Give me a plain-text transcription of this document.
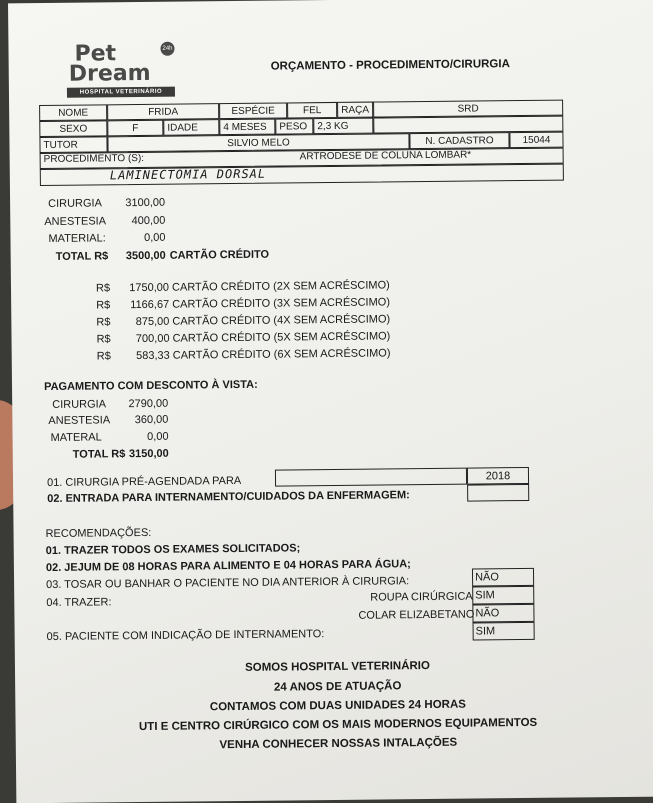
Pet
Dream
24h
HOSPITAL VETERINÁRIO
ORÇAMENTO - PROCEDIMENTO/CIRURGIA
NOME	FRIDA	ESPÉCIE	FEL	RAÇA	SRD
SEXO	F	IDADE	4 MESES	PESO	2,3 KG
TUTOR	SILVIO MELO	N. CADASTRO	15044
PROCEDIMENTO (S):	ARTRODESE DE COLUNA LOMBAR*
LAMINECTOMIA DORSAL
CIRURGIA	3100,00
ANESTESIA	400,00
MATERIAL:	0,00
TOTAL R$	3500,00 CARTÃO CRÉDITO
R$	1750,00 CARTÃO CRÉDITO (2X SEM ACRÉSCIMO)
R$	1166,67 CARTÃO CRÉDITO (3X SEM ACRÉSCIMO)
R$	875,00 CARTÃO CRÉDITO (4X SEM ACRÉSCIMO)
R$	700,00 CARTÃO CRÉDITO (5X SEM ACRÉSCIMO)
R$	583,33 CARTÃO CRÉDITO (6X SEM ACRÉSCIMO)
PAGAMENTO COM DESCONTO À VISTA:
CIRURGIA	2790,00
ANESTESIA	360,00
MATERAL	0,00
TOTAL R$ 3150,00
01. CIRURGIA PRÉ-AGENDADA PARA	2018
02. ENTRADA PARA INTERNAMENTO/CUIDADOS DA ENFERMAGEM:
RECOMENDAÇÕES:
01. TRAZER TODOS OS EXAMES SOLICITADOS;
02. JEJUM DE 08 HORAS PARA ALIMENTO E 04 HORAS PARA ÁGUA;
03. TOSAR OU BANHAR O PACIENTE NO DIA ANTERIOR À CIRURGIA:	NÃO
04. TRAZER:	ROUPA CIRÚRGICA SIM
COLAR ELIZABETANO NÃO
05. PACIENTE COM INDICAÇÃO DE INTERNAMENTO:	SIM
SOMOS HOSPITAL VETERINÁRIO
24 ANOS DE ATUAÇÃO
CONTAMOS COM DUAS UNIDADES 24 HORAS
UTI E CENTRO CIRÚRGICO COM OS MAIS MODERNOS EQUIPAMENTOS
VENHA CONHECER NOSSAS INTALAÇÕES
